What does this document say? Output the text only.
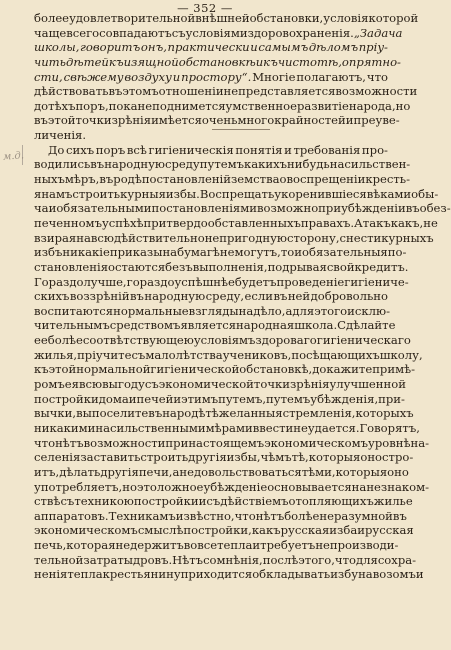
— 352 —
м.д.
более удовлетворительной внѣшней обстановки, условія которой
чаще всего совпадаютъ съ условіями здоровохраненія. „Задача
школы, говоритъ онъ, практически и самымъ дѣломъ пріу-
чить дѣтей къ изящной обстановкѣ и къ чистотѣ, опрятно-
сти, свѣжему воздуху и простору“. Многіе полагаютъ, что
дѣйствовать въ этомъ отношеніи не представляется возможности
до тѣхъ поръ, пока не поднимется умственное развитіе народа, но
въ этой точки зрѣнія имѣется очень много крайностей и преуве-
личенія.
До сихъ поръ всѣ гигіеническія понятія и требованія про-
водились въ народную среду путемъ какихъ нибудь насильствен-
ныхъ мѣръ, въ родѣ постановленій земства о воспрещеніи кресть-
янамъ строить курныя избы. Воспрещать укоренившіеся вѣками обы-
чаи обязательными постановленіями возможно при убѣжденіи въ обез-
печенномъ успѣхѣ при твердо обставленныхъ правахъ. А такъ какъ, не
взирая на всю дѣйствительно непригодную сторону, снести курныхъ
избъ никакіе приказы на бумагѣ не могутъ, то и обязательныя по-
становленія остаются безъ выполненія, подрывая свой кредитъ.
Гораздо лучше, гораздо успѣшнѣе будетъ проведеніе гигіениче-
скихъ воззрѣній въ народную среду, если въ ней добровольно
воспитаются нормальные взгляды на дѣло, а для этого исклю-
чительнымъ средствомъ является народная школа. Сдѣлайте
ее болѣе соотвѣтствующею условіямъ здороваго гигіеническаго
жилья, пріучите съ малолѣтства учениковъ, посѣщающихъ школу,
къ этой нормальной гигіенической обстановкѣ, докажите примѣ-
ромъ ея всю выгоду съ экономической точки зрѣнія улучшенной
постройки дома и печей и этимъ путемъ, путемъ убѣжденія, при-
вычки, вы поселите въ народѣ тѣ желанныя стремленія, которыхъ
никакими насильственными мѣрами ввести не удается. Говорятъ,
что нѣтъ возможности при настоящемъ экономическомъ уровнѣ на-
селенія заставить строить другія избы, чѣмъ тѣ, которыя оно стро-
итъ, дѣлать другія печи, а не довольствоваться тѣми, которыя оно
употребляетъ, но это ложное убѣжденіе основывается на незнаком-
ствѣ съ техникою постройки и съ дѣйствіемъ отопляющихъ жилье
аппаратовъ. Техникамъ извѣстно, что нѣтъ болѣе неразумной въ
экономическомъ смыслѣ постройки, какъ русская изба и русская
печь, которая не держитъ вовсе тепла и требуетъ непроизводи-
тельной затраты дровъ. Нѣтъ сомнѣнія, послѣ этого, что для сохра-
ненія тепла крестьянину приходится обкладывать избу навозомъ и
